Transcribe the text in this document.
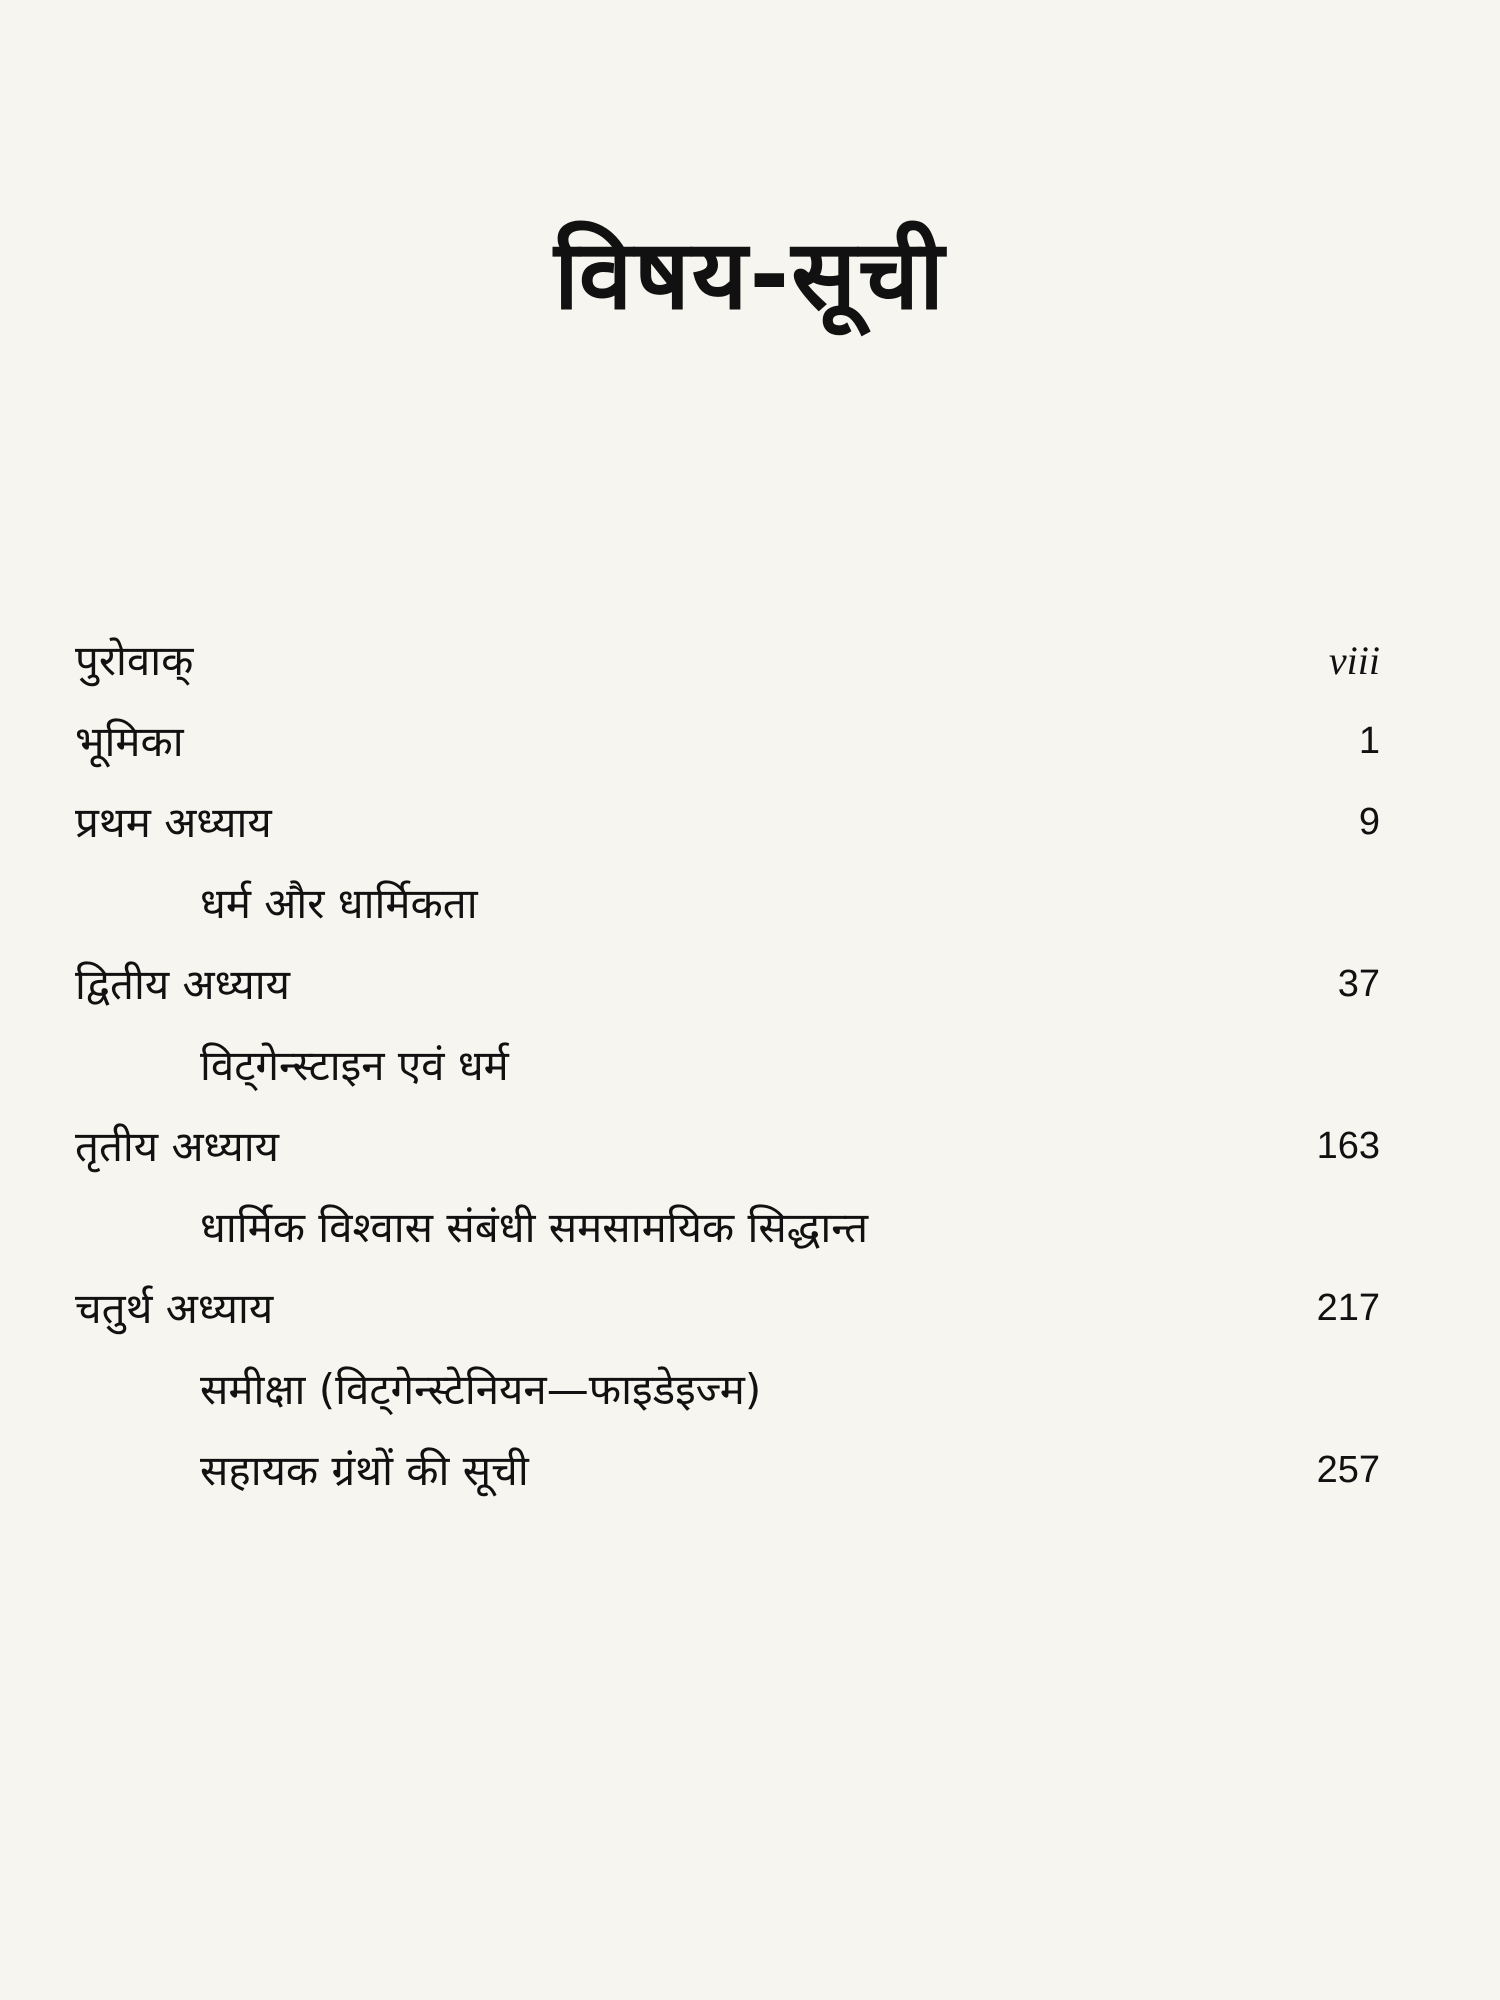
विषय-सूची
पुरोवाक्	viii
भूमिका	1
प्रथम अध्याय	9
धर्म और धार्मिकता
द्वितीय अध्याय	37
विट्गेन्स्टाइन एवं धर्म
तृतीय अध्याय	163
धार्मिक विश्वास संबंधी समसामयिक सिद्धान्त
चतुर्थ अध्याय	217
समीक्षा (विट्गेन्स्टेनियन—फाइडेइज्म)
सहायक ग्रंथों की सूची	257
